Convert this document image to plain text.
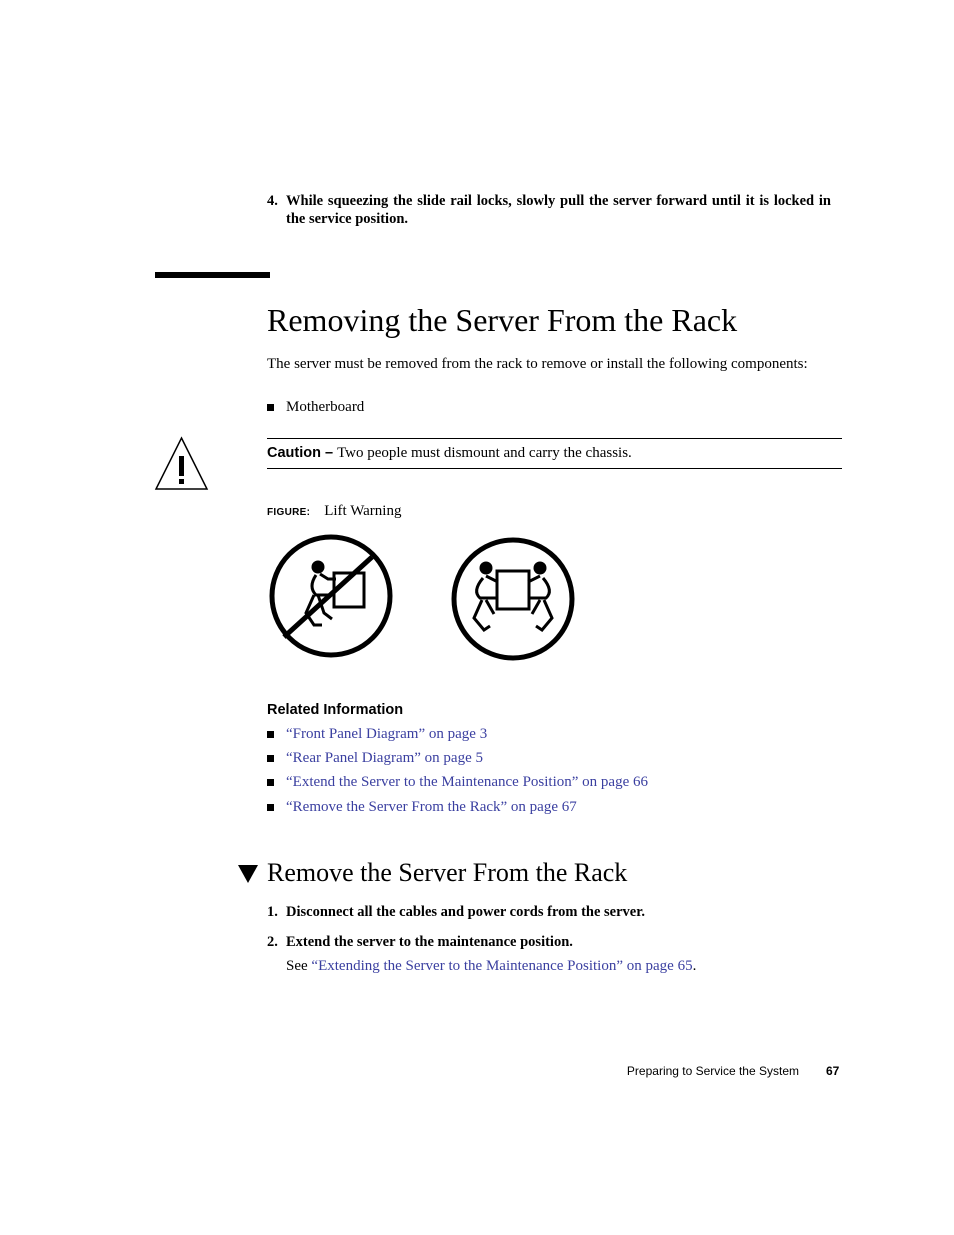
4. While squeezing the slide rail locks, slowly pull the server forward until it is locked in the service position.
Removing the Server From the Rack
The server must be removed from the rack to remove or install the following components:
Motherboard
Caution – Two people must dismount and carry the chassis.
FIGURE: Lift Warning
Related Information
“Front Panel Diagram” on page 3
“Rear Panel Diagram” on page 5
“Extend the Server to the Maintenance Position” on page 66
“Remove the Server From the Rack” on page 67
Remove the Server From the Rack
1. Disconnect all the cables and power cords from the server.
2. Extend the server to the maintenance position.
See “Extending the Server to the Maintenance Position” on page 65.
Preparing to Service the System 67
